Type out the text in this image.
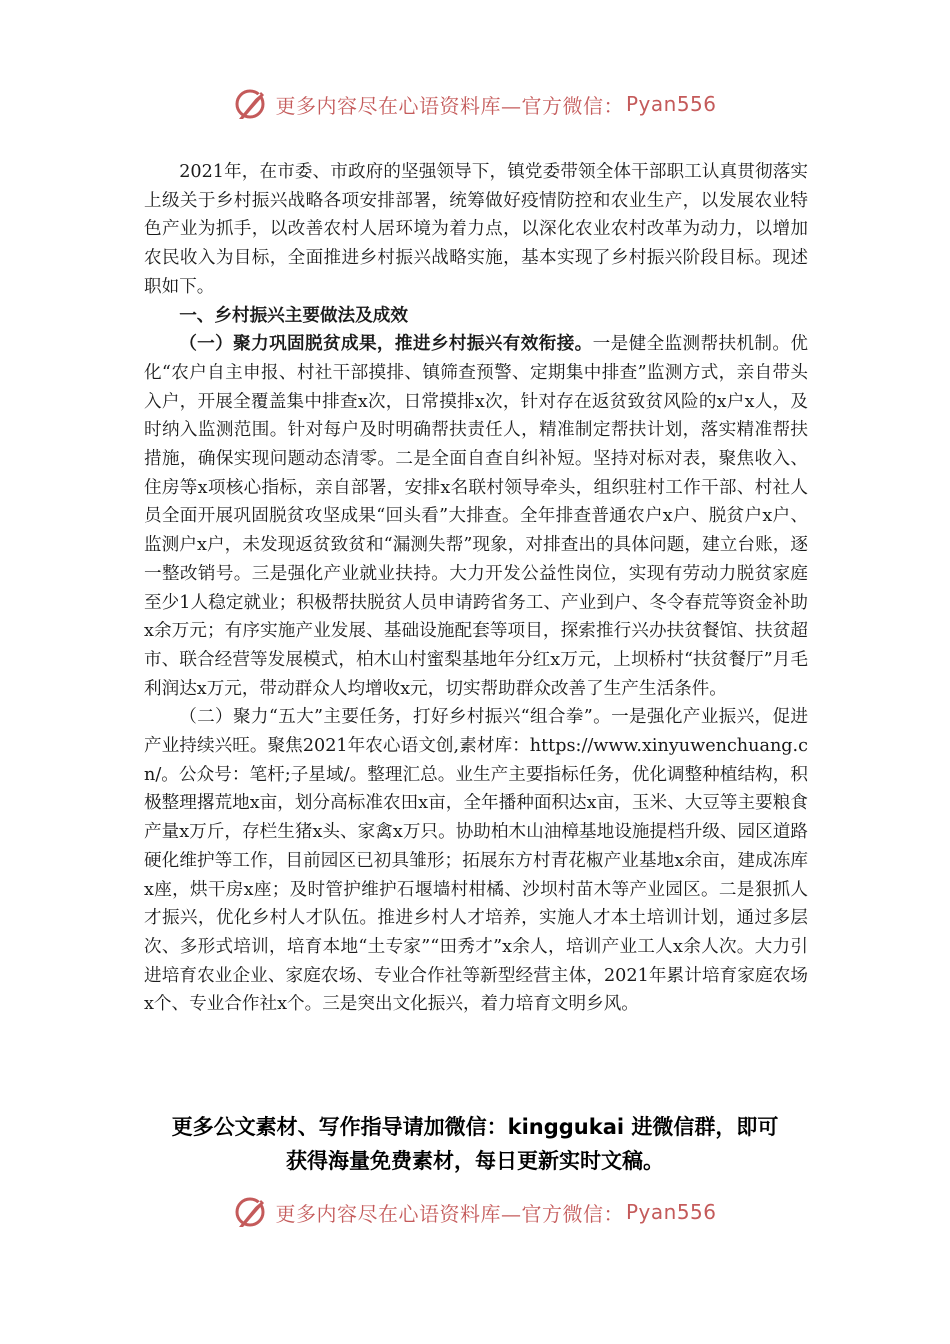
更多内容尽在心语资料库—官方微信： Pyan556

2021年，在市委、市政府的坚强领导下，镇党委带领全体干部职工认真贯彻落实上级关于乡村振兴战略各项安排部署，统筹做好疫情防控和农业生产，以发展农业特色产业为抓手，以改善农村人居环境为着力点，以深化农业农村改革为动力，以增加农民收入为目标，全面推进乡村振兴战略实施，基本实现了乡村振兴阶段目标。现述职如下。

一、乡村振兴主要做法及成效

（一）聚力巩固脱贫成果，推进乡村振兴有效衔接。一是健全监测帮扶机制。优化“农户自主申报、村社干部摸排、镇筛查预警、定期集中排查”监测方式，亲自带头入户，开展全覆盖集中排查x次，日常摸排x次，针对存在返贫致贫风险的x户x人，及时纳入监测范围。针对每户及时明确帮扶责任人，精准制定帮扶计划，落实精准帮扶措施，确保实现问题动态清零。二是全面自查自纠补短。坚持对标对表，聚焦收入、住房等x项核心指标，亲自部署，安排x名联村领导牵头，组织驻村工作干部、村社人员全面开展巩固脱贫攻坚成果“回头看”大排查。全年排查普通农户x户、脱贫户x户、监测户x户，未发现返贫致贫和“漏测失帮”现象，对排查出的具体问题，建立台账，逐一整改销号。三是强化产业就业扶持。大力开发公益性岗位，实现有劳动力脱贫家庭至少1人稳定就业；积极帮扶脱贫人员申请跨省务工、产业到户、冬令春荒等资金补助x余万元；有序实施产业发展、基础设施配套等项目，探索推行兴办扶贫餐馆、扶贫超市、联合经营等发展模式，柏木山村蜜梨基地年分红x万元，上坝桥村“扶贫餐厅”月毛利润达x万元，带动群众人均增收x元，切实帮助群众改善了生产生活条件。

（二）聚力“五大”主要任务，打好乡村振兴“组合拳”。一是强化产业振兴，促进产业持续兴旺。聚焦2021年农心语文创,素材库：https://www.xinyuwenchuang.cn/。公众号：笔杆;子星域/。整理汇总。业生产主要指标任务，优化调整种植结构，积极整理撂荒地x亩，划分高标准农田x亩，全年播种面积达x亩，玉米、大豆等主要粮食产量x万斤，存栏生猪x头、家禽x万只。协助柏木山油樟基地设施提档升级、园区道路硬化维护等工作，目前园区已初具雏形；拓展东方村青花椒产业基地x余亩，建成冻库x座，烘干房x座；及时管护维护石堰墙村柑橘、沙坝村苗木等产业园区。二是狠抓人才振兴，优化乡村人才队伍。推进乡村人才培养，实施人才本土培训计划，通过多层次、多形式培训，培育本地“土专家”“田秀才”x余人，培训产业工人x余人次。大力引进培育农业企业、家庭农场、专业合作社等新型经营主体，2021年累计培育家庭农场x个、专业合作社x个。三是突出文化振兴，着力培育文明乡风。

更多公文素材、写作指导请加微信：kinggukai 进微信群，即可
获得海量免费素材，每日更新实时文稿。
更多内容尽在心语资料库—官方微信： Pyan556
